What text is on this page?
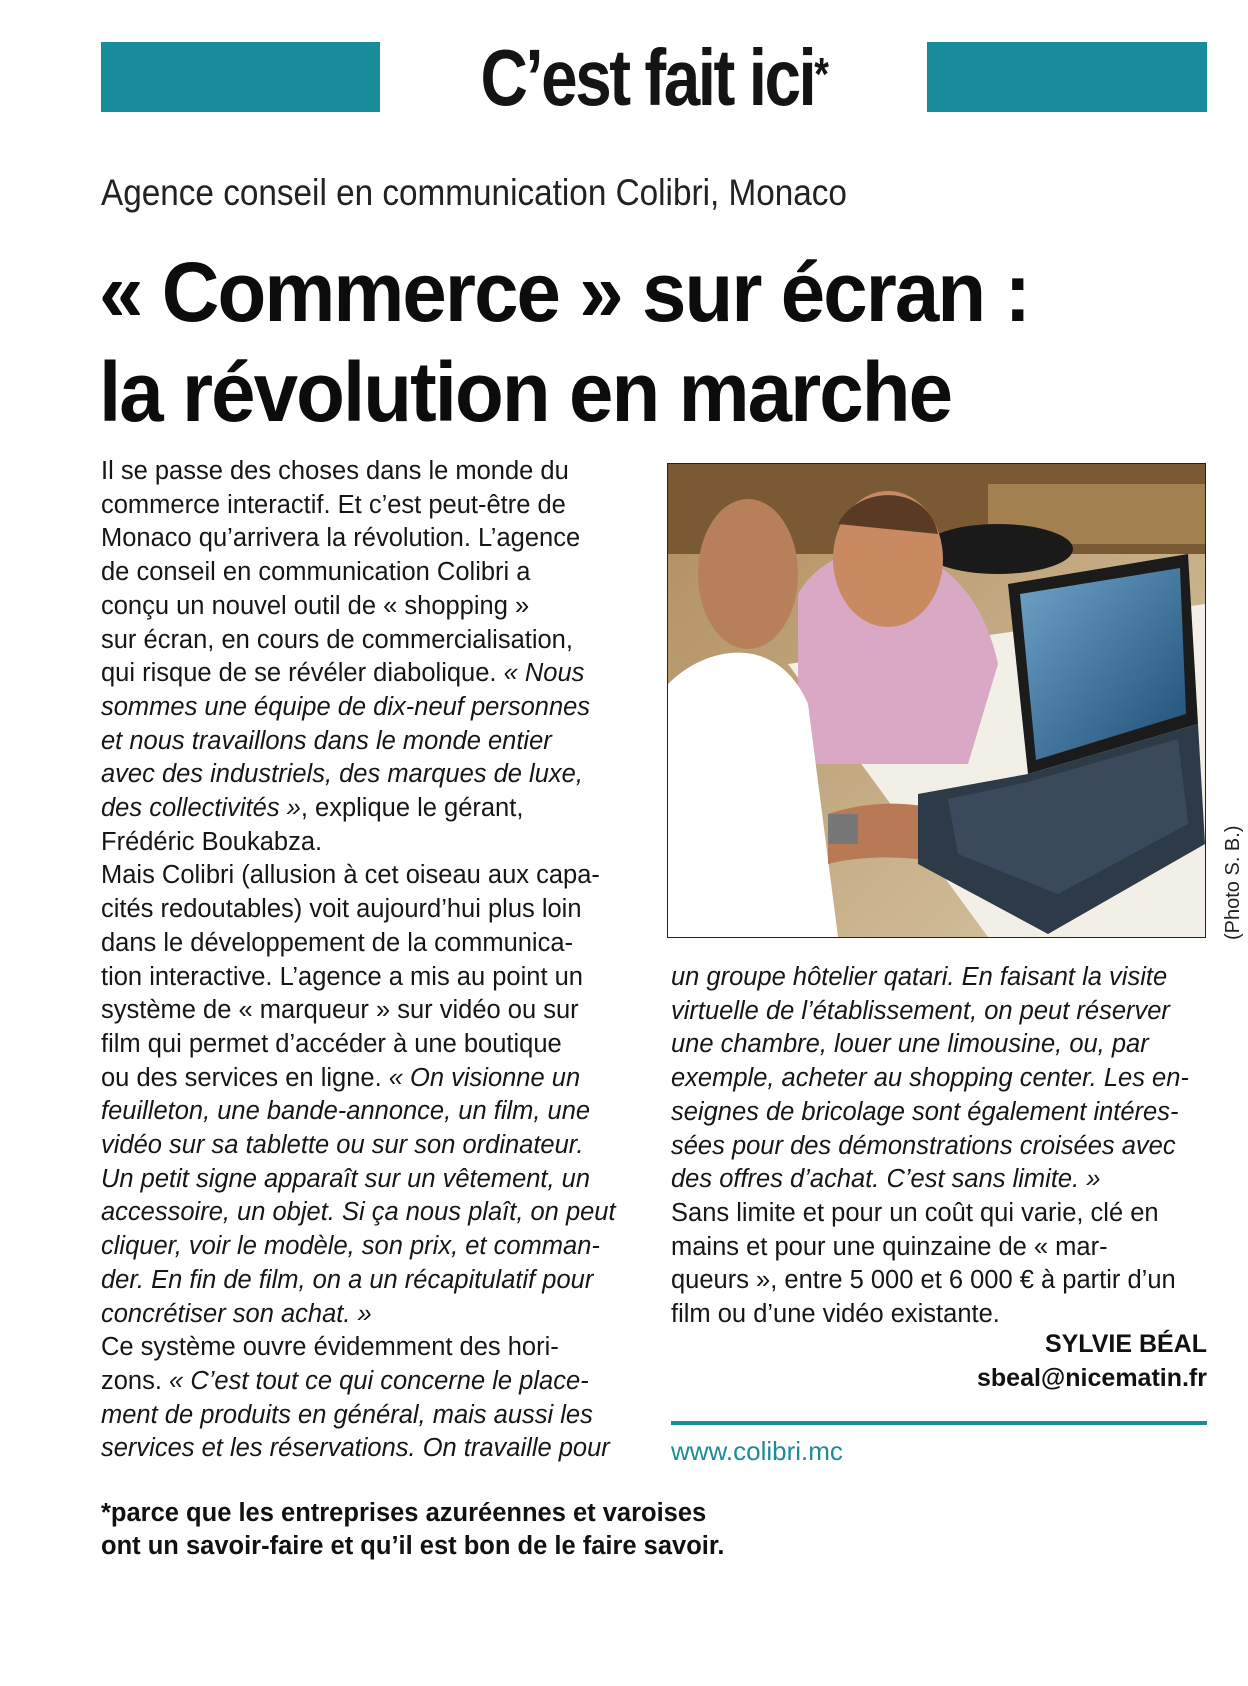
C’est fait ici*
Agence conseil en communication Colibri, Monaco
« Commerce » sur écran :
la révolution en marche
Il se passe des choses dans le monde du
commerce interactif. Et c’est peut-être de
Monaco qu’arrivera la révolution. L’agence
de conseil en communication Colibri a
conçu un nouvel outil de « shopping »
sur écran, en cours de commercialisation,
qui risque de se révéler diabolique. « Nous
sommes une équipe de dix-neuf personnes
et nous travaillons dans le monde entier
avec des industriels, des marques de luxe,
des collectivités », explique le gérant,
Frédéric Boukabza.
Mais Colibri (allusion à cet oiseau aux capa-
cités redoutables) voit aujourd’hui plus loin
dans le développement de la communica-
tion interactive. L’agence a mis au point un
système de « marqueur » sur vidéo ou sur
film qui permet d’accéder à une boutique
ou des services en ligne. « On visionne un
feuilleton, une bande-annonce, un film, une
vidéo sur sa tablette ou sur son ordinateur.
Un petit signe apparaît sur un vêtement, un
accessoire, un objet. Si ça nous plaît, on peut
cliquer, voir le modèle, son prix, et comman-
der. En fin de film, on a un récapitulatif pour
concrétiser son achat. »
Ce système ouvre évidemment des hori-
zons. « C’est tout ce qui concerne le place-
ment de produits en général, mais aussi les
services et les réservations. On travaille pour
(Photo S. B.)
un groupe hôtelier qatari. En faisant la visite
virtuelle de l’établissement, on peut réserver
une chambre, louer une limousine, ou, par
exemple, acheter au shopping center. Les en-
seignes de bricolage sont également intéres-
sées pour des démonstrations croisées avec
des offres d’achat. C’est sans limite. »
Sans limite et pour un coût qui varie, clé en
mains et pour une quinzaine de « mar-
queurs », entre 5 000 et 6 000 € à partir d’un
film ou d’une vidéo existante.
SYLVIE BÉAL
sbeal@nicematin.fr
www.colibri.mc
*parce que les entreprises azuréennes et varoises
ont un savoir-faire et qu’il est bon de le faire savoir.
